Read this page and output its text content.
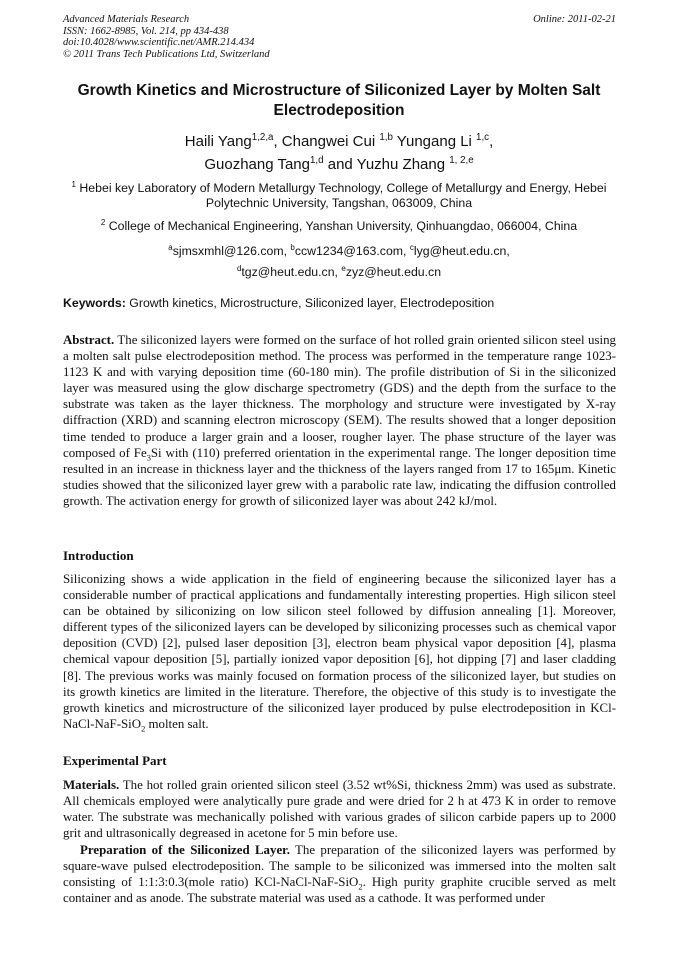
Advanced Materials Research
ISSN: 1662-8985, Vol. 214, pp 434-438
doi:10.4028/www.scientific.net/AMR.214.434
© 2011 Trans Tech Publications Ltd, Switzerland
Online: 2011-02-21
Growth Kinetics and Microstructure of Siliconized Layer by Molten Salt
Electrodeposition
Haili Yang$^{1,2,a}$, Changwei Cui $^{1,b}$ Yungang Li $^{1,c}$,
Guozhang Tang$^{1,d}$ and Yuzhu Zhang $^{1, 2,e}$
$^1$ Hebei key Laboratory of Modern Metallurgy Technology, College of Metallurgy and Energy, Hebei
Polytechnic University, Tangshan, 063009, China
$^2$ College of Mechanical Engineering, Yanshan University, Qinhuangdao, 066004, China
$^a$sjmsxmhl@126.com, $^b$ccw1234@163.com, $^c$lyg@heut.edu.cn,
$^d$tgz@heut.edu.cn, $^e$zyz@heut.edu.cn
Keywords: Growth kinetics, Microstructure, Siliconized layer, Electrodeposition
Abstract. The siliconized layers were formed on the surface of hot rolled grain oriented silicon steel using a molten salt pulse electrodeposition method. The process was performed in the temperature range 1023-1123 K and with varying deposition time (60-180 min). The profile distribution of Si in the siliconized layer was measured using the glow discharge spectrometry (GDS) and the depth from the surface to the substrate was taken as the layer thickness. The morphology and structure were investigated by X-ray diffraction (XRD) and scanning electron microscopy (SEM). The results showed that a longer deposition time tended to produce a larger grain and a looser, rougher layer. The phase structure of the layer was composed of $Fe_3Si$ with (110) preferred orientation in the experimental range. The longer deposition time resulted in an increase in thickness layer and the thickness of the layers ranged from 17 to 165μm. Kinetic studies showed that the siliconized layer grew with a parabolic rate law, indicating the diffusion controlled growth. The activation energy for growth of siliconized layer was about 242 kJ/mol.
Introduction
Siliconizing shows a wide application in the field of engineering because the siliconized layer has a considerable number of practical applications and fundamentally interesting properties. High silicon steel can be obtained by siliconizing on low silicon steel followed by diffusion annealing [1]. Moreover, different types of the siliconized layers can be developed by siliconizing processes such as chemical vapor deposition (CVD) [2], pulsed laser deposition [3], electron beam physical vapor deposition [4], plasma chemical vapour deposition [5], partially ionized vapor deposition [6], hot dipping [7] and laser cladding [8]. The previous works was mainly focused on formation process of the siliconized layer, but studies on its growth kinetics are limited in the literature. Therefore, the objective of this study is to investigate the growth kinetics and microstructure of the siliconized layer produced by pulse electrodeposition in KCl-NaCl-NaF-SiO$_2$ molten salt.
Experimental Part
Materials. The hot rolled grain oriented silicon steel (3.52 wt%Si, thickness 2mm) was used as substrate. All chemicals employed were analytically pure grade and were dried for 2 h at 473 K in order to remove water. The substrate was mechanically polished with various grades of silicon carbide papers up to 2000 grit and ultrasonically degreased in acetone for 5 min before use.
Preparation of the Siliconized Layer. The preparation of the siliconized layers was performed by square-wave pulsed electrodeposition. The sample to be siliconized was immersed into the molten salt consisting of 1:1:3:0.3(mole ratio) KCl-NaCl-NaF-SiO$_2$. High purity graphite crucible served as melt container and as anode. The substrate material was used as a cathode. It was performed under
